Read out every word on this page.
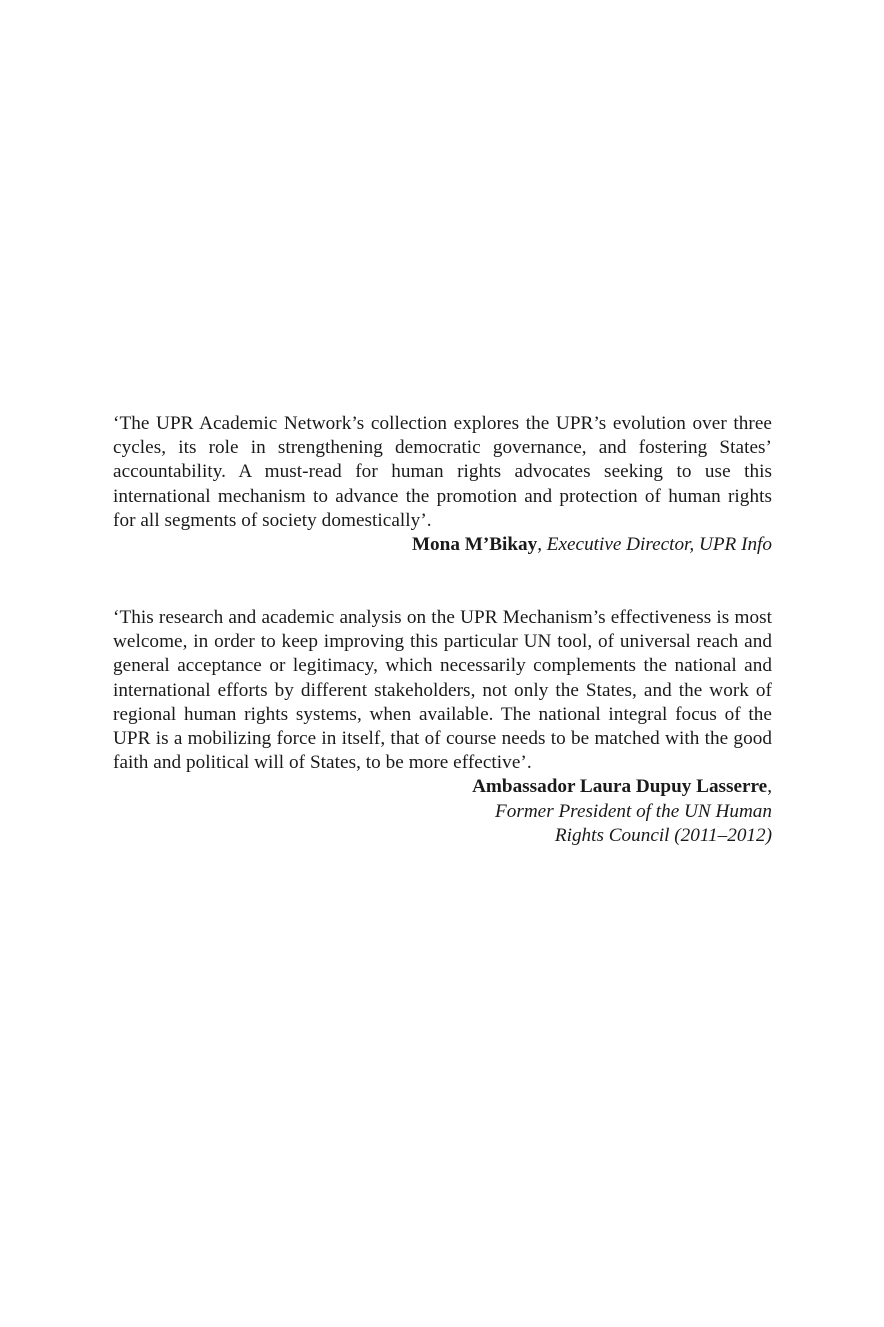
‘The UPR Academic Network’s collection explores the UPR’s evolution over three cycles, its role in strengthening democratic governance, and fostering States’ accountability. A must-read for human rights advocates seeking to use this international mechanism to advance the promotion and protection of human rights for all segments of society domestically’.

Mona M’Bikay, Executive Director, UPR Info

‘This research and academic analysis on the UPR Mechanism’s effectiveness is most welcome, in order to keep improving this particular UN tool, of universal reach and general acceptance or legitimacy, which necessarily complements the national and international efforts by different stakeholders, not only the States, and the work of regional human rights systems, when available. The national integral focus of the UPR is a mobilizing force in itself, that of course needs to be matched with the good faith and political will of States, to be more effective’.

Ambassador Laura Dupuy Lasserre,
Former President of the UN Human
Rights Council (2011–2012)
